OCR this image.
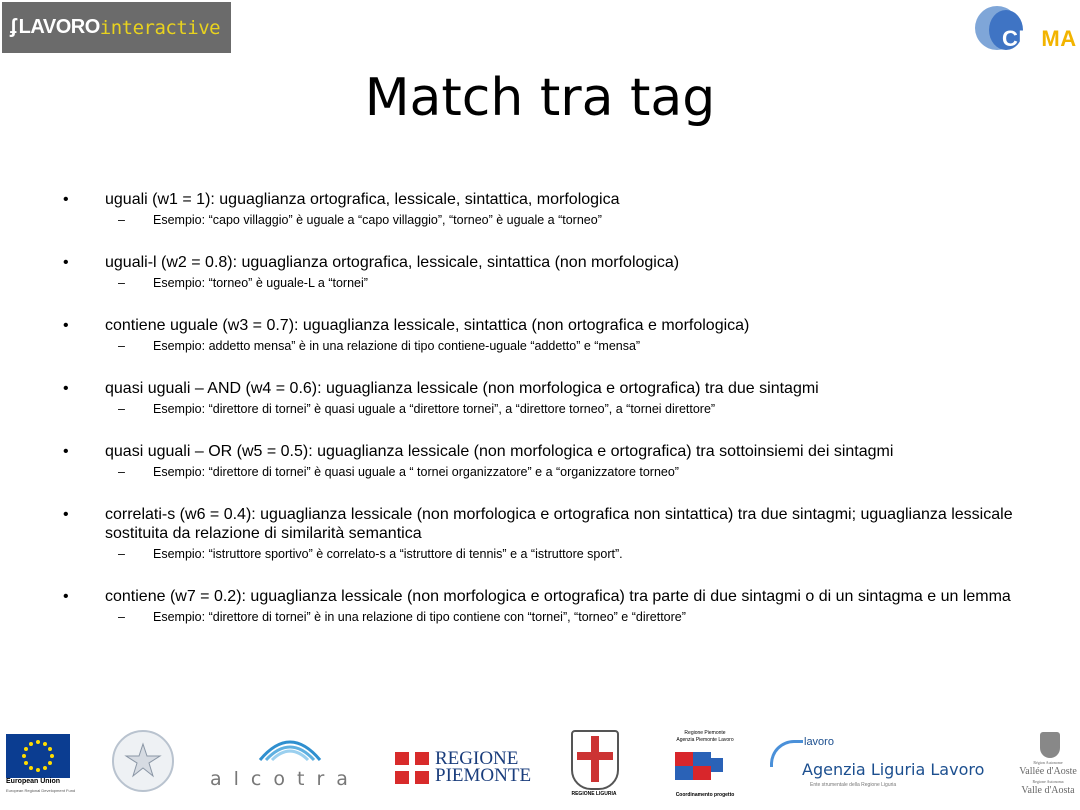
ʄ LAVORO interactive	CIRMA
Match tra tag
• uguali (w1 = 1): uguaglianza ortografica, lessicale, sintattica, morfologica
– Esempio: “capo villaggio” è uguale a “capo villaggio”, “torneo” è uguale a “torneo”
• uguali-l (w2 = 0.8): uguaglianza ortografica, lessicale, sintattica (non morfologica)
– Esempio: “torneo” è uguale-L a “tornei”
• contiene uguale (w3 = 0.7): uguaglianza lessicale, sintattica (non ortografica e morfologica)
– Esempio: addetto mensa” è in una relazione di tipo contiene-uguale “addetto” e “mensa”
• quasi uguali – AND (w4 = 0.6): uguaglianza lessicale (non morfologica e ortografica) tra due sintagmi
– Esempio: “direttore di tornei” è quasi uguale a “direttore tornei”, a “direttore torneo”, a “tornei direttore”
• quasi uguali – OR (w5 = 0.5): uguaglianza lessicale (non morfologica e ortografica) tra sottoinsiemi dei sintagmi
– Esempio: “direttore di tornei” è quasi uguale a “ tornei organizzatore” e a “organizzatore torneo”
• correlati-s (w6 = 0.4): uguaglianza lessicale (non morfologica e ortografica non sintattica) tra due sintagmi; uguaglianza lessicale sostituita da relazione di similarità semantica
– Esempio: “istruttore sportivo” è correlato-s a “istruttore di tennis” e a “istruttore sport”.
• contiene (w7 = 0.2): uguaglianza lessicale (non morfologica e ortografica) tra parte di due sintagmi o di un sintagma e un lemma
– Esempio: “direttore di tornei” è in una relazione di tipo contiene con “tornei”, “torneo” e “direttore”
European Union
European Regional Development Fund
alcotra
REGIONE
PIEMONTE
REGIONE LIGURIA
Regione Piemonte
Agenzia Piemonte Lavoro
Coordinamento progetto
lavoro
Agenzia Liguria Lavoro
Ente strumentale della Regione Liguria
Région Autonome
Vallée d'Aoste
Regione Autonoma
Valle d'Aosta
